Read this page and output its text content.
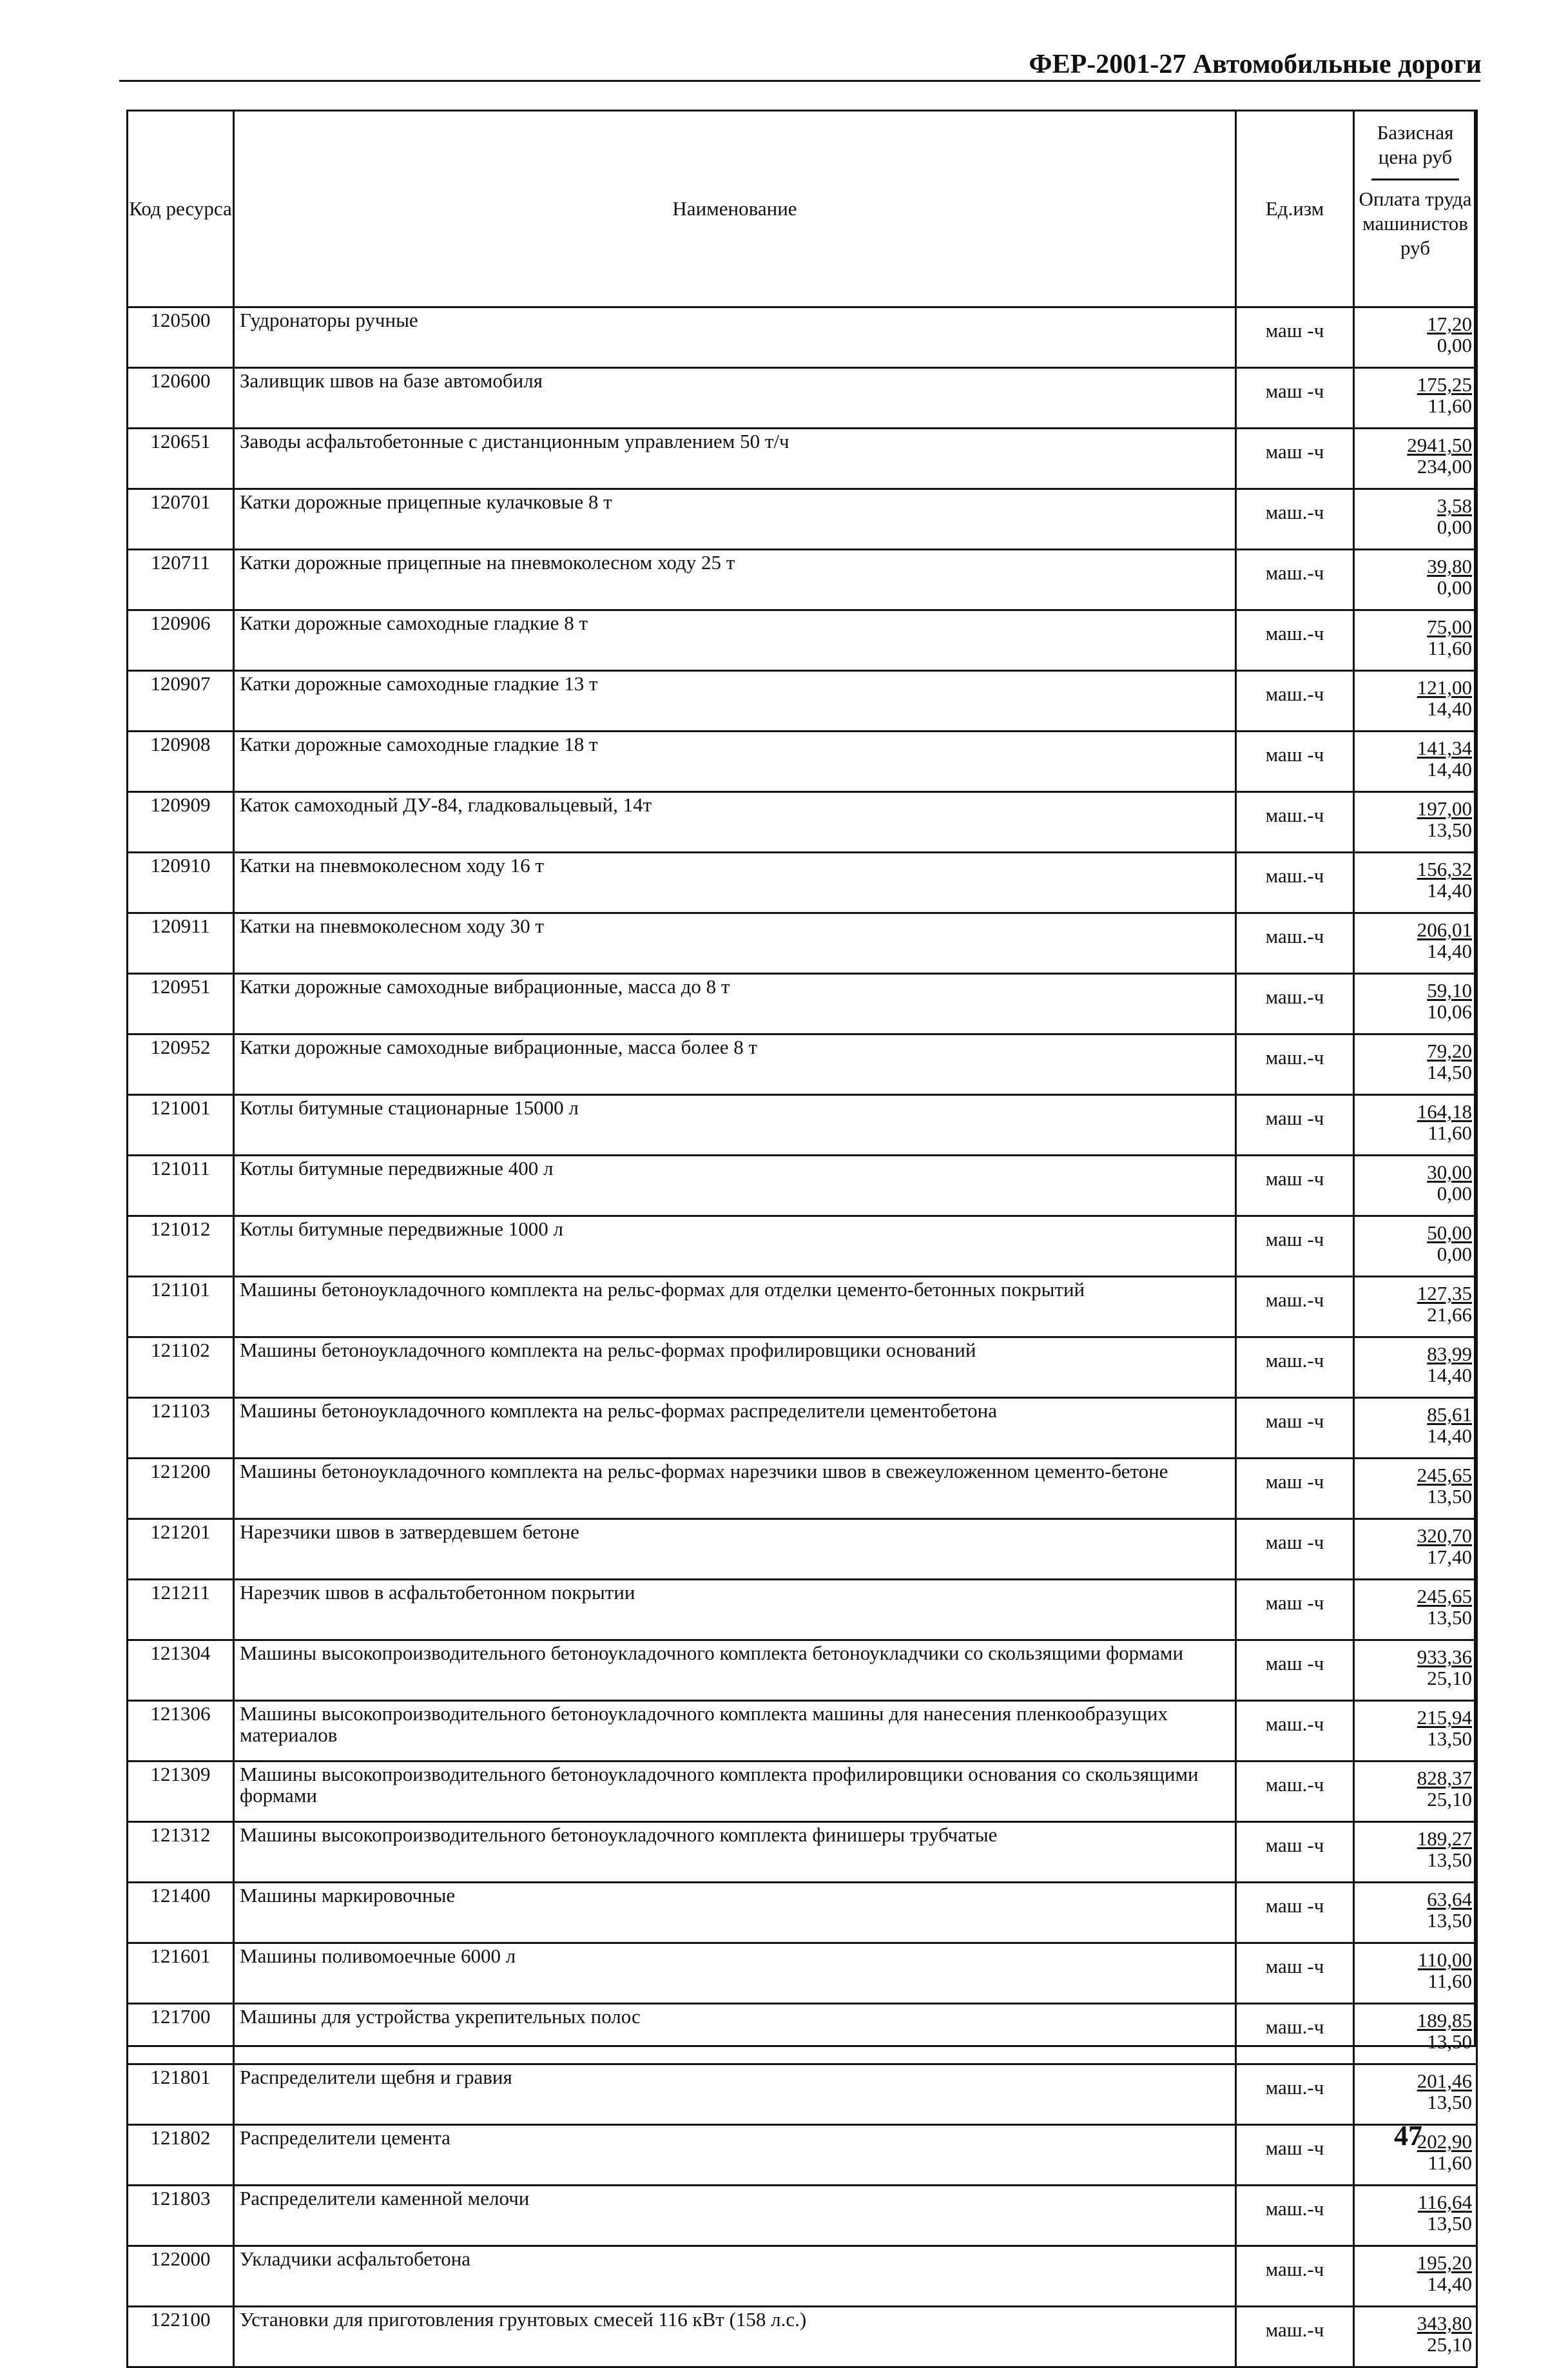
ФЕР-2001-27 Автомобильные дороги
Код ресурса	Наименование	Ед.изм	Базисная цена руб
Оплата труда машинистов руб

120500	Гудронаторы ручные	маш -ч	17,20
0,00

120600	Заливщик швов на базе автомобиля	маш -ч	175,25
11,60

120651	Заводы асфальтобетонные с дистанционным управлением 50 т/ч	маш -ч	2941,50
234,00

120701	Катки дорожные прицепные кулачковые 8 т	маш.-ч	3,58
0,00

120711	Катки дорожные прицепные на пневмоколесном ходу 25 т	маш.-ч	39,80
0,00

120906	Катки дорожные самоходные гладкие 8 т	маш.-ч	75,00
11,60

120907	Катки дорожные самоходные гладкие 13 т	маш.-ч	121,00
14,40

120908	Катки дорожные самоходные гладкие 18 т	маш -ч	141,34
14,40

120909	Каток самоходный ДУ-84, гладковальцевый, 14т	маш.-ч	197,00
13,50

120910	Катки на пневмоколесном ходу 16 т	маш.-ч	156,32
14,40

120911	Катки на пневмоколесном ходу 30 т	маш.-ч	206,01
14,40

120951	Катки дорожные самоходные вибрационные, масса до 8 т	маш.-ч	59,10
10,06

120952	Катки дорожные самоходные вибрационные, масса более 8 т	маш.-ч	79,20
14,50

121001	Котлы битумные стационарные 15000 л	маш -ч	164,18
11,60

121011	Котлы битумные передвижные 400 л	маш -ч	30,00
0,00

121012	Котлы битумные передвижные 1000 л	маш -ч	50,00
0,00

121101	Машины бетоноукладочного комплекта на рельс-формах для отделки цементо-бетонных покрытий	маш.-ч	127,35
21,66

121102	Машины бетоноукладочного комплекта на рельс-формах профилировщики оснований	маш.-ч	83,99
14,40

121103	Машины бетоноукладочного комплекта на рельс-формах распределители цементобетона	маш -ч	85,61
14,40

121200	Машины бетоноукладочного комплекта на рельс-формах нарезчики швов в свежеуложенном цементо-бетоне	маш -ч	245,65
13,50

121201	Нарезчики швов в затвердевшем бетоне	маш -ч	320,70
17,40

121211	Нарезчик швов в асфальтобетонном покрытии	маш -ч	245,65
13,50

121304	Машины высокопроизводительного бетоноукладочного комплекта бетоноукладчики со скользящими формами	маш -ч	933,36
25,10

121306	Машины высокопроизводительного бетоноукладочного комплекта машины для нанесения пленкообразущих материалов	маш.-ч	215,94
13,50

121309	Машины высокопроизводительного бетоноукладочного комплекта профилировщики основания со скользящими формами	маш.-ч	828,37
25,10

121312	Машины высокопроизводительного бетоноукладочного комплекта финишеры трубчатые	маш -ч	189,27
13,50

121400	Машины маркировочные	маш -ч	63,64
13,50

121601	Машины поливомоечные 6000 л	маш -ч	110,00
11,60

121700	Машины для устройства укрепительных полос	маш.-ч	189,85
13,50

121801	Распределители щебня и гравия	маш.-ч	201,46
13,50

121802	Распределители цемента	маш -ч	202,90
11,60

121803	Распределители каменной мелочи	маш.-ч	116,64
13,50

122000	Укладчики асфальтобетона	маш.-ч	195,20
14,40

122100	Установки для приготовления грунтовых смесей 116 кВт (158 л.с.)	маш.-ч	343,80
25,10
47
